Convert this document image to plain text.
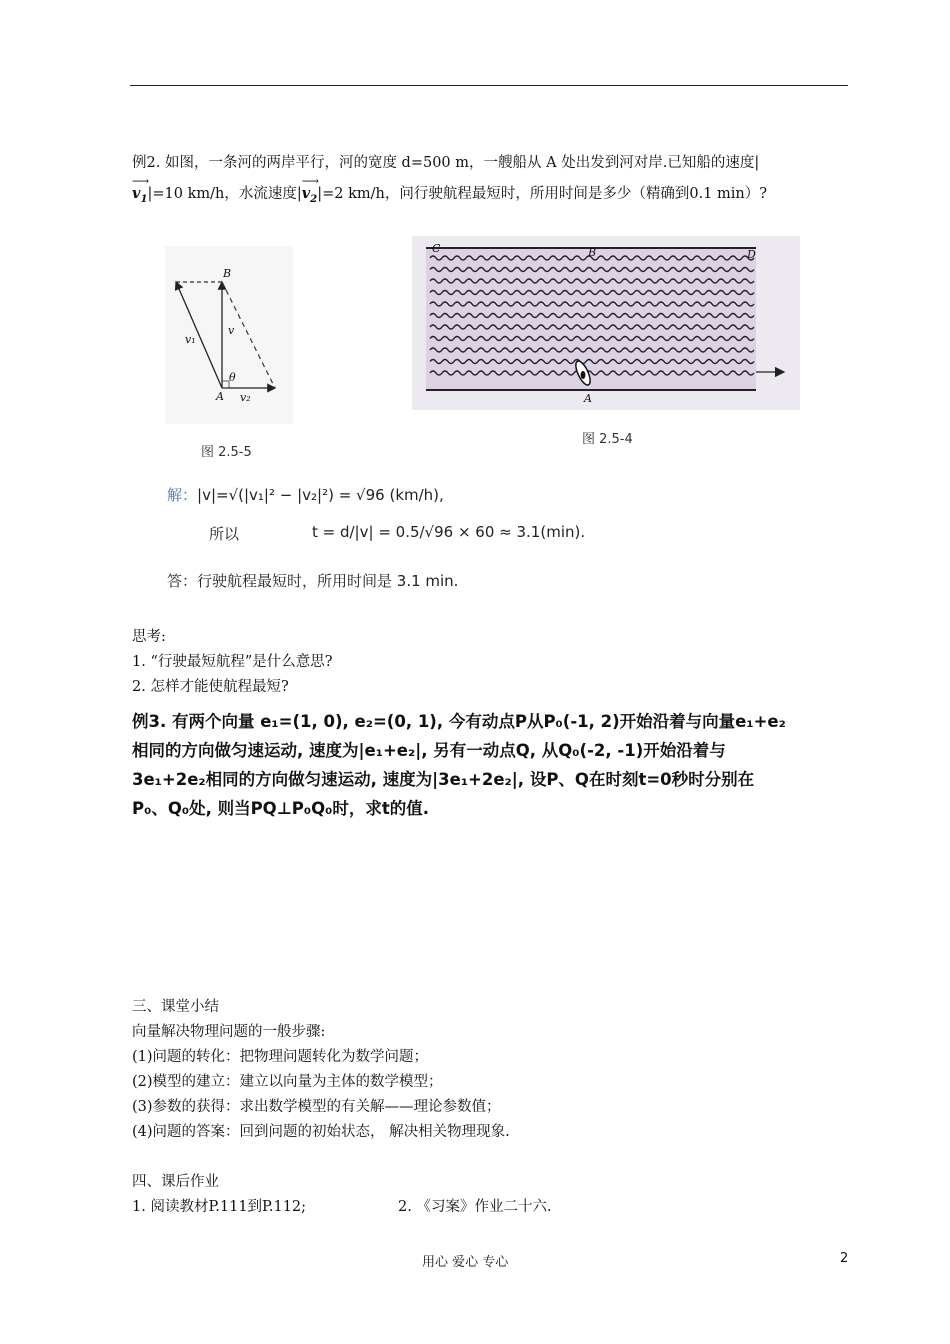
例2. 如图，一条河的两岸平行，河的宽度 d=500 m，一艘船从 A 处出发到河对岸.已知船的速度|
⟶
$v_1|=10$ km/h，水流速度|
⟶
$v_2|=2$ km/h，问行驶航程最短时，所用时间是多少（精确到0.1 min）?
B
A
v
v₁
v₂
θ
图 2.5-5
C	B	D
A
图 2.5-4
解：|v|=√(|v₁|² − |v₂|²) = √96 (km/h),
所以	t = d/|v| = 0.5/√96 × 60 ≈ 3.1(min).
答：行驶航程最短时，所用时间是 3.1 min.
思考:
1. “行驶最短航程”是什么意思?
2. 怎样才能使航程最短?
例3. 有两个向量 e₁=(1, 0), e₂=(0, 1), 今有动点P从P₀(-1, 2)开始沿着与向量e₁+e₂
相同的方向做匀速运动, 速度为|e₁+e₂|, 另有一动点Q, 从Q₀(-2, -1)开始沿着与
3e₁+2e₂相同的方向做匀速运动, 速度为|3e₁+2e₂|, 设P、Q在时刻t=0秒时分别在
P₀、Q₀处, 则当PQ⊥P₀Q₀时，求t的值.
三、课堂小结
向量解决物理问题的一般步骤:
(1)问题的转化：把物理问题转化为数学问题；
(2)模型的建立：建立以向量为主体的数学模型；
(3)参数的获得：求出数学模型的有关解——理论参数值；
(4)问题的答案：回到问题的初始状态， 解决相关物理现象.
四、课后作业
1. 阅读教材P.111到P.112;	2. 《习案》作业二十六.
用心 爱心 专心	2
